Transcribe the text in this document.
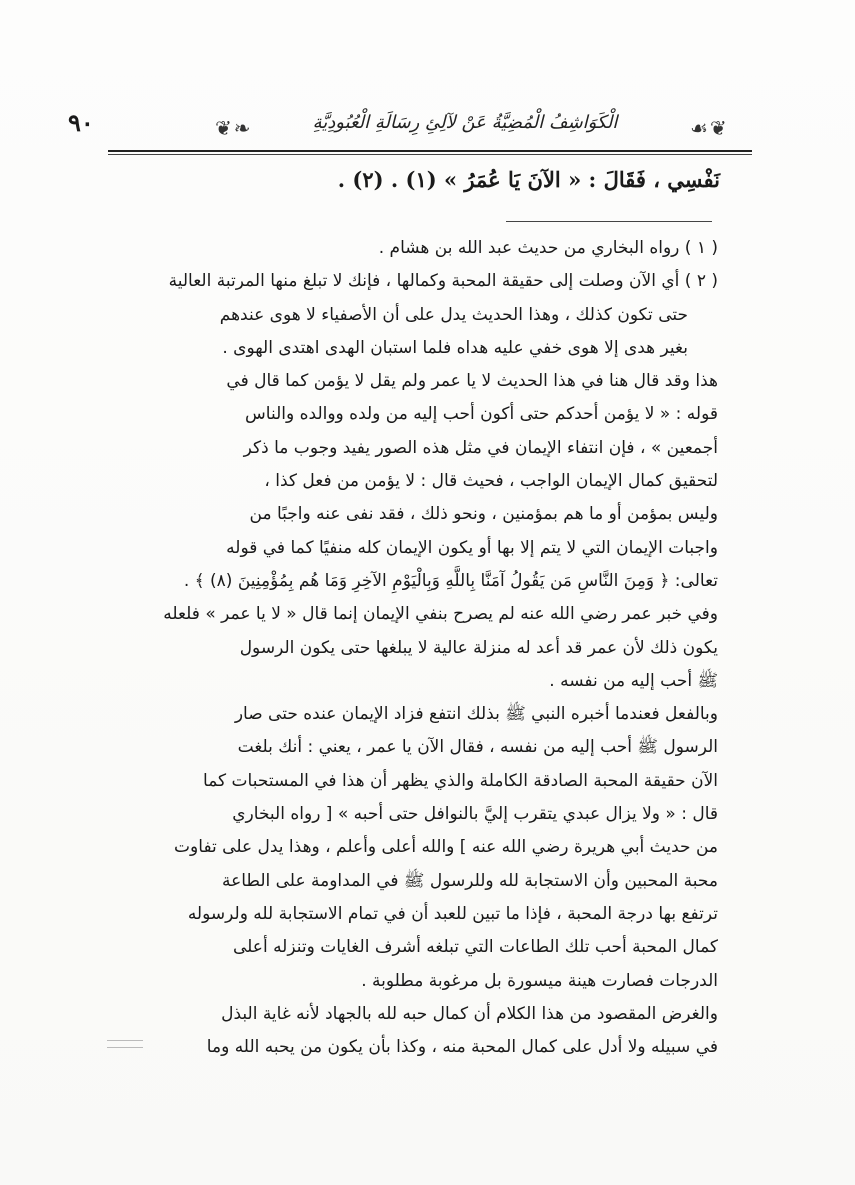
٩٠	❦❧	الْكَوَاشِفُ الْمُضِيَّةُ عَنْ لآلِئِ رِسَالَةِ الْعُبُودِيَّةِ	☙❦
نَفْسِي ، فَقَالَ : « الآنَ يَا عُمَرُ » (١) . (٢) .
( ١ ) رواه البخاري من حديث عبد الله بن هشام .
( ٢ ) أي الآن وصلت إلى حقيقة المحبة وكمالها ، فإنك لا تبلغ منها المرتبة العالية
حتى تكون كذلك ، وهذا الحديث يدل على أن الأصفياء لا هوى عندهم
بغير هدى إلا هوى خفي عليه هداه فلما استبان الهدى اهتدى الهوى .
هذا وقد قال هنا في هذا الحديث لا يا عمر ولم يقل لا يؤمن كما قال في
قوله : « لا يؤمن أحدكم حتى أكون أحب إليه من ولده ووالده والناس
أجمعين » ، فإن انتفاء الإيمان في مثل هذه الصور يفيد وجوب ما ذكر
لتحقيق كمال الإيمان الواجب ، فحيث قال : لا يؤمن من فعل كذا ،
وليس بمؤمن أو ما هم بمؤمنين ، ونحو ذلك ، فقد نفى عنه واجبًا من
واجبات الإيمان التي لا يتم إلا بها أو يكون الإيمان كله منفيًا كما في قوله
تعالى: ﴿ وَمِنَ النَّاسِ مَن يَقُولُ آمَنَّا بِاللَّهِ وَبِالْيَوْمِ الآخِرِ وَمَا هُم بِمُؤْمِنِينَ (٨) ﴾ .
وفي خبر عمر رضي الله عنه لم يصرح بنفي الإيمان إنما قال « لا يا عمر » فلعله
يكون ذلك لأن عمر قد أعد له منزلة عالية لا يبلغها حتى يكون الرسول
ﷺ أحب إليه من نفسه .
وبالفعل فعندما أخبره النبي ﷺ بذلك انتفع فزاد الإيمان عنده حتى صار
الرسول ﷺ أحب إليه من نفسه ، فقال الآن يا عمر ، يعني : أنك بلغت
الآن حقيقة المحبة الصادقة الكاملة والذي يظهر أن هذا في المستحبات كما
قال : « ولا يزال عبدي يتقرب إليَّ بالنوافل حتى أحبه » [ رواه البخاري
من حديث أبي هريرة رضي الله عنه ] والله أعلى وأعلم ، وهذا يدل على تفاوت
محبة المحبين وأن الاستجابة لله وللرسول ﷺ في المداومة على الطاعة
ترتفع بها درجة المحبة ، فإذا ما تبين للعبد أن في تمام الاستجابة لله ولرسوله
كمال المحبة أحب تلك الطاعات التي تبلغه أشرف الغايات وتنزله أعلى
الدرجات فصارت هينة ميسورة بل مرغوبة مطلوبة .
والغرض المقصود من هذا الكلام أن كمال حبه لله بالجهاد لأنه غاية البذل
في سبيله ولا أدل على كمال المحبة منه ، وكذا بأن يكون من يحبه الله وما
